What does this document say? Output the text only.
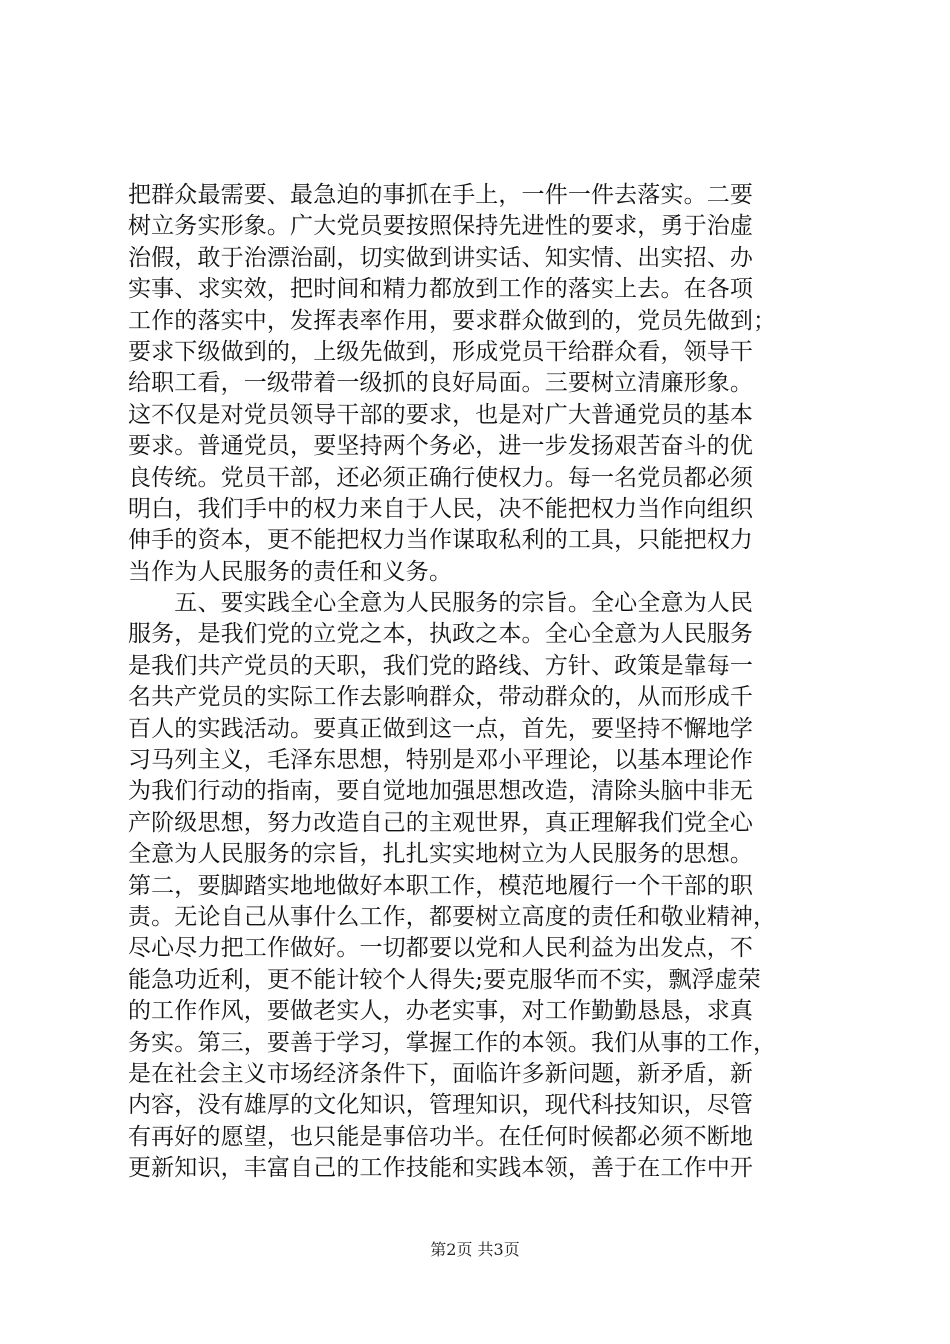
把群众最需要、最急迫的事抓在手上，一件一件去落实。二要
树立务实形象。广大党员要按照保持先进性的要求，勇于治虚
治假，敢于治漂治副，切实做到讲实话、知实情、出实招、办
实事、求实效，把时间和精力都放到工作的落实上去。在各项
工作的落实中，发挥表率作用，要求群众做到的，党员先做到；
要求下级做到的，上级先做到，形成党员干给群众看，领导干
给职工看，一级带着一级抓的良好局面。三要树立清廉形象。
这不仅是对党员领导干部的要求，也是对广大普通党员的基本
要求。普通党员，要坚持两个务必，进一步发扬艰苦奋斗的优
良传统。党员干部，还必须正确行使权力。每一名党员都必须
明白，我们手中的权力来自于人民，决不能把权力当作向组织
伸手的资本，更不能把权力当作谋取私利的工具，只能把权力
当作为人民服务的责任和义务。
　　五、要实践全心全意为人民服务的宗旨。全心全意为人民
服务，是我们党的立党之本，执政之本。全心全意为人民服务
是我们共产党员的天职，我们党的路线、方针、政策是靠每一
名共产党员的实际工作去影响群众，带动群众的，从而形成千
百人的实践活动。要真正做到这一点，首先，要坚持不懈地学
习马列主义，毛泽东思想，特别是邓小平理论，以基本理论作
为我们行动的指南，要自觉地加强思想改造，清除头脑中非无
产阶级思想，努力改造自己的主观世界，真正理解我们党全心
全意为人民服务的宗旨，扎扎实实地树立为人民服务的思想。
第二，要脚踏实地地做好本职工作，模范地履行一个干部的职
责。无论自己从事什么工作，都要树立高度的责任和敬业精神，
尽心尽力把工作做好。一切都要以党和人民利益为出发点，不
能急功近利，更不能计较个人得失;要克服华而不实，飘浮虚荣
的工作作风，要做老实人，办老实事，对工作勤勤恳恳，求真
务实。第三，要善于学习，掌握工作的本领。我们从事的工作，
是在社会主义市场经济条件下，面临许多新问题，新矛盾，新
内容，没有雄厚的文化知识，管理知识，现代科技知识，尽管
有再好的愿望，也只能是事倍功半。在任何时候都必须不断地
更新知识，丰富自己的工作技能和实践本领，善于在工作中开
第2页 共3页
